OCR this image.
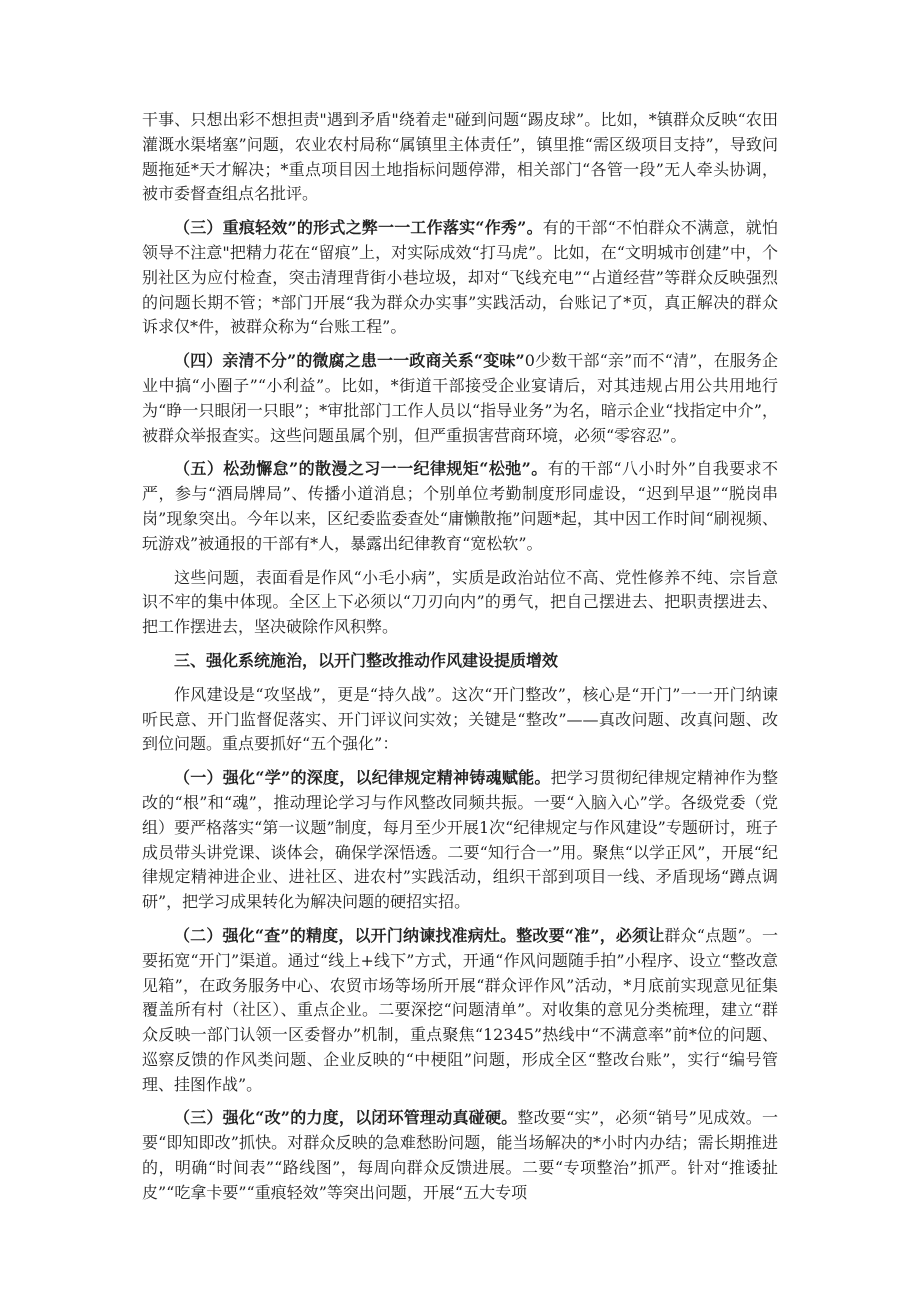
干事、只想出彩不想担责"遇到矛盾"绕着走"碰到问题“踢皮球”。比如，*镇群众反映“农田灌溉水渠堵塞”问题，农业农村局称“属镇里主体责任”，镇里推“需区级项目支持”，导致问题拖延*天才解决；*重点项目因土地指标问题停滞，相关部门“各管一段”无人牵头协调，被市委督查组点名批评。

（三）重痕轻效”的形式之弊一一工作落实“作秀”。有的干部“不怕群众不满意，就怕领导不注意"把精力花在“留痕”上，对实际成效“打马虎”。比如，在“文明城市创建”中，个别社区为应付检查，突击清理背街小巷垃圾，却对“飞线充电”“占道经营”等群众反映强烈的问题长期不管；*部门开展“我为群众办实事”实践活动，台账记了*页，真正解决的群众诉求仅*件，被群众称为“台账工程”。

（四）亲清不分”的微腐之患一一政商关系“变味”0少数干部“亲”而不“清”，在服务企业中搞“小圈子”“小利益”。比如，*街道干部接受企业宴请后，对其违规占用公共用地行为“睁一只眼闭一只眼”；*审批部门工作人员以“指导业务”为名，暗示企业“找指定中介”，被群众举报查实。这些问题虽属个别，但严重损害营商环境，必须“零容忍”。

（五）松劲懈怠”的散漫之习一一纪律规矩“松弛”。有的干部“八小时外”自我要求不严，参与“酒局牌局”、传播小道消息；个别单位考勤制度形同虚设，“迟到早退”“脱岗串岗”现象突出。今年以来，区纪委监委查处“庸懒散拖”问题*起，其中因工作时间“刷视频、玩游戏”被通报的干部有*人，暴露出纪律教育“宽松软”。

这些问题，表面看是作风“小毛小病”，实质是政治站位不高、党性修养不纯、宗旨意识不牢的集中体现。全区上下必须以“刀刃向内”的勇气，把自己摆进去、把职责摆进去、把工作摆进去，坚决破除作风积弊。

三、强化系统施治，以开门整改推动作风建设提质增效

作风建设是“攻坚战”，更是“持久战”。这次“开门整改”，核心是“开门”一一开门纳谏听民意、开门监督促落实、开门评议问实效；关键是“整改”——真改问题、改真问题、改到位问题。重点要抓好“五个强化”：

（一）强化“学”的深度，以纪律规定精神铸魂赋能。把学习贯彻纪律规定精神作为整改的“根”和“魂”，推动理论学习与作风整改同频共振。一要“入脑入心”学。各级党委（党组）要严格落实“第一议题”制度，每月至少开展1次“纪律规定与作风建设”专题研讨，班子成员带头讲党课、谈体会，确保学深悟透。二要“知行合一”用。聚焦“以学正风”，开展“纪律规定精神进企业、进社区、进农村”实践活动，组织干部到项目一线、矛盾现场“蹲点调研”，把学习成果转化为解决问题的硬招实招。

（二）强化“查”的精度，以开门纳谏找准病灶。整改要“准”，必须让群众“点题”。一要拓宽“开门”渠道。通过“线上+线下”方式，开通“作风问题随手拍”小程序、设立“整改意见箱”，在政务服务中心、农贸市场等场所开展“群众评作风”活动，*月底前实现意见征集覆盖所有村（社区）、重点企业。二要深挖“问题清单”。对收集的意见分类梳理，建立“群众反映一部门认领一区委督办”机制，重点聚焦“12345”热线中“不满意率”前*位的问题、巡察反馈的作风类问题、企业反映的“中梗阻”问题，形成全区“整改台账”，实行“编号管理、挂图作战”。

（三）强化“改”的力度，以闭环管理动真碰硬。整改要“实”，必须“销号”见成效。一要“即知即改”抓快。对群众反映的急难愁盼问题，能当场解决的*小时内办结；需长期推进的，明确“时间表”“路线图”，每周向群众反馈进展。二要“专项整治”抓严。针对“推诿扯皮”“吃拿卡要”“重痕轻效”等突出问题，开展“五大专项
